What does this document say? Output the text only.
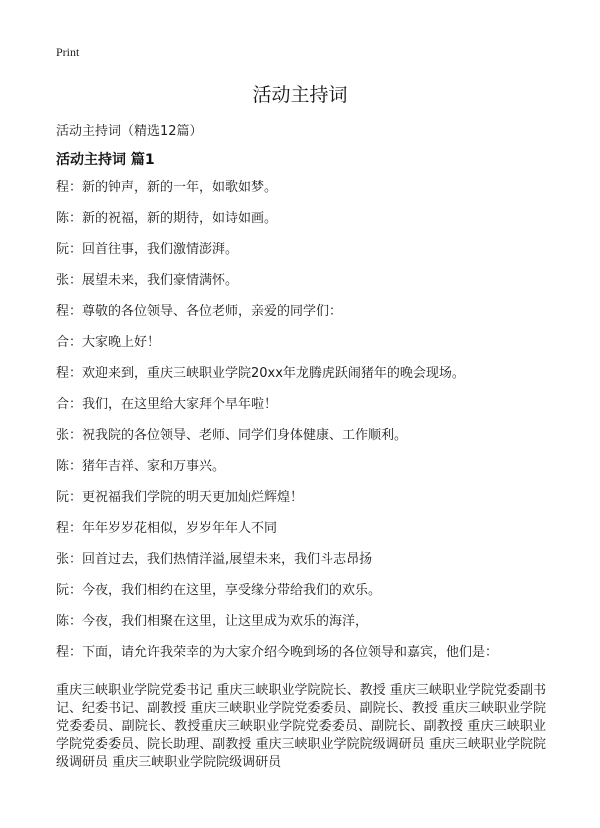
Print
活动主持词
活动主持词（精选12篇）
活动主持词 篇1
程：新的钟声，新的一年，如歌如梦。
陈：新的祝福，新的期待，如诗如画。
阮：回首往事，我们激情澎湃。
张：展望未来，我们豪情满怀。
程：尊敬的各位领导、各位老师，亲爱的同学们：
合：大家晚上好！
程：欢迎来到，重庆三峡职业学院20xx年龙腾虎跃闹猪年的晚会现场。
合：我们，在这里给大家拜个早年啦！
张：祝我院的各位领导、老师、同学们身体健康、工作顺利。
陈：猪年吉祥、家和万事兴。
阮：更祝福我们学院的明天更加灿烂辉煌！
程：年年岁岁花相似，岁岁年年人不同
张：回首过去，我们热情洋溢,展望未来，我们斗志昂扬
阮：今夜，我们相约在这里，享受缘分带给我们的欢乐。
陈：今夜，我们相聚在这里，让这里成为欢乐的海洋，
程：下面，请允许我荣幸的为大家介绍今晚到场的各位领导和嘉宾，他们是：
重庆三峡职业学院党委书记 重庆三峡职业学院院长、教授 重庆三峡职业学院党委副书记、纪委书记、副教授 重庆三峡职业学院党委委员、副院长、教授 重庆三峡职业学院党委委员、副院长、教授重庆三峡职业学院党委委员、副院长、副教授 重庆三峡职业学院党委委员、院长助理、副教授 重庆三峡职业学院院级调研员 重庆三峡职业学院院级调研员 重庆三峡职业学院院级调研员
